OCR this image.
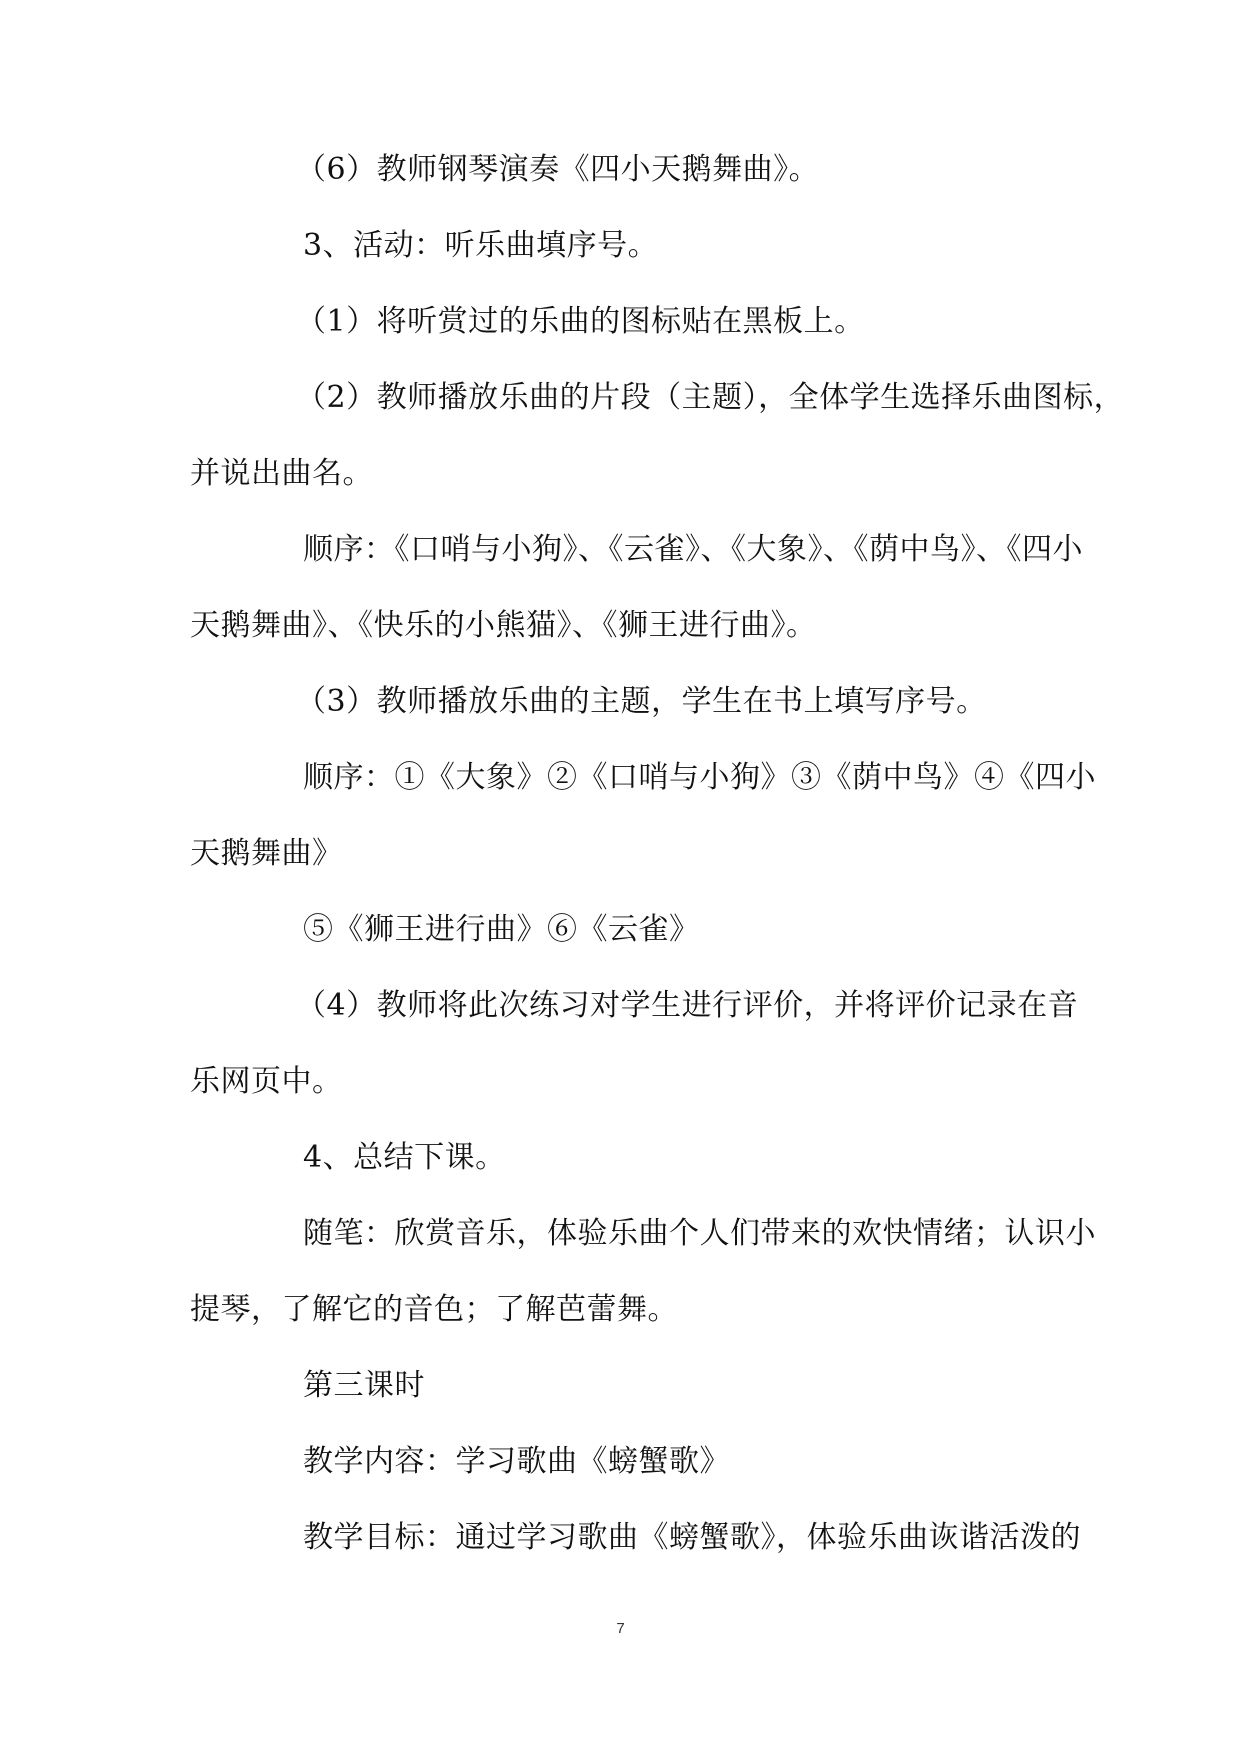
（6）教师钢琴演奏《四小天鹅舞曲》。
3、活动：听乐曲填序号。
（1）将听赏过的乐曲的图标贴在黑板上。
（2）教师播放乐曲的片段（主题），全体学生选择乐曲图标，
并说出曲名。
顺序：《口哨与小狗》、《云雀》、《大象》、《荫中鸟》、《四小
天鹅舞曲》、《快乐的小熊猫》、《狮王进行曲》。
（3）教师播放乐曲的主题，学生在书上填写序号。
顺序：①《大象》②《口哨与小狗》③《荫中鸟》④《四小
天鹅舞曲》
⑤《狮王进行曲》⑥《云雀》
（4）教师将此次练习对学生进行评价，并将评价记录在音
乐网页中。
4、总结下课。
随笔：欣赏音乐，体验乐曲个人们带来的欢快情绪；认识小
提琴，了解它的音色；了解芭蕾舞。
第三课时
教学内容：学习歌曲《螃蟹歌》
教学目标：通过学习歌曲《螃蟹歌》，体验乐曲诙谐活泼的
7
